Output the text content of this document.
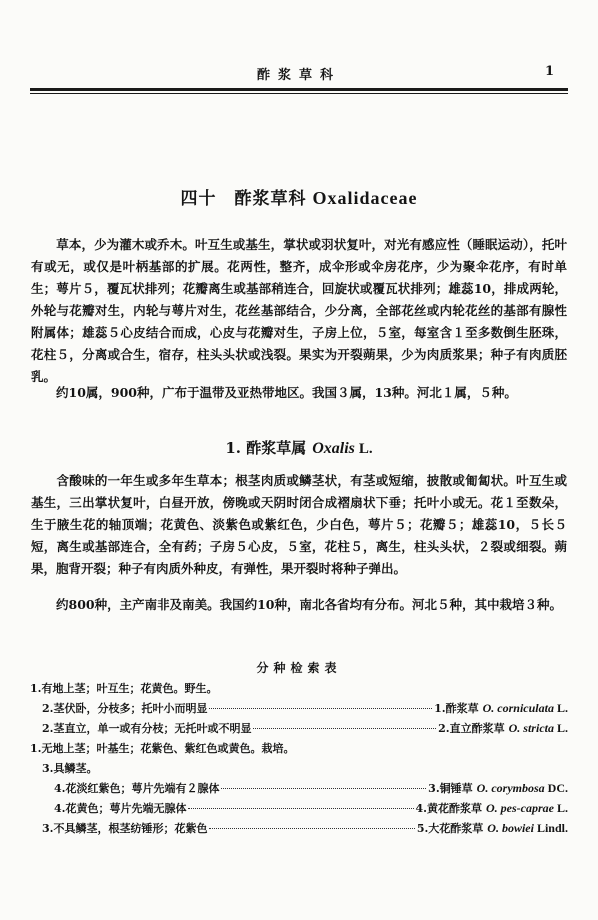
酢浆草科	1
四十　酢浆草科 Oxalidaceae
　　草本，少为灌木或乔木。叶互生或基生，掌状或羽状复叶，对光有感应性（睡眠运动），托叶有或无，或仅是叶柄基部的扩展。花两性，整齐，成伞形或伞房花序，少为聚伞花序，有时单生；萼片５，覆瓦状排列；花瓣离生或基部稍连合，回旋状或覆瓦状排列；雄蕊10，排成两轮，外轮与花瓣对生，内轮与萼片对生，花丝基部结合，少分离，全部花丝或内轮花丝的基部有腺性附属体；雄蕊５心皮结合而成，心皮与花瓣对生，子房上位，５室，每室含１至多数倒生胚珠，花柱５，分离或合生，宿存，柱头头状或浅裂。果实为开裂蒴果，少为肉质浆果；种子有肉质胚乳。
　　约10属，900种，广布于温带及亚热带地区。我国３属，13种。河北１属，５种。
1. 酢浆草属 Oxalis L.
　　含酸味的一年生或多年生草本；根茎肉质或鳞茎状，有茎或短缩，披散或匍匐状。叶互生或基生，三出掌状复叶，白昼开放，傍晚或天阴时闭合成褶扇状下垂；托叶小或无。花１至数朵，生于腋生花的轴顶端；花黄色、淡紫色或紫红色，少白色，萼片５；花瓣５；雄蕊10，５长５短，离生或基部连合，全有药；子房５心皮，５室，花柱５，离生，柱头头状，２裂或细裂。蒴果，胞背开裂；种子有肉质外种皮，有弹性，果开裂时将种子弹出。
　　约800种，主产南非及南美。我国约10种，南北各省均有分布。河北５种，其中栽培３种。
分种检索表
1.有地上茎；叶互生；花黄色。野生。
2.茎伏卧，分枝多；托叶小而明显	1.酢浆草 O. corniculata L.
2.茎直立，单一或有分枝；无托叶或不明显	2.直立酢浆草 O. stricta L.
1.无地上茎；叶基生；花紫色、紫红色或黄色。栽培。
3.具鳞茎。
4.花淡红紫色；萼片先端有２腺体	3.铜锤草 O. corymbosa DC.
4.花黄色；萼片先端无腺体	4.黄花酢浆草 O. pes-caprae L.
3.不具鳞茎，根茎纺锤形；花紫色	5.大花酢浆草 O. bowiei Lindl.
